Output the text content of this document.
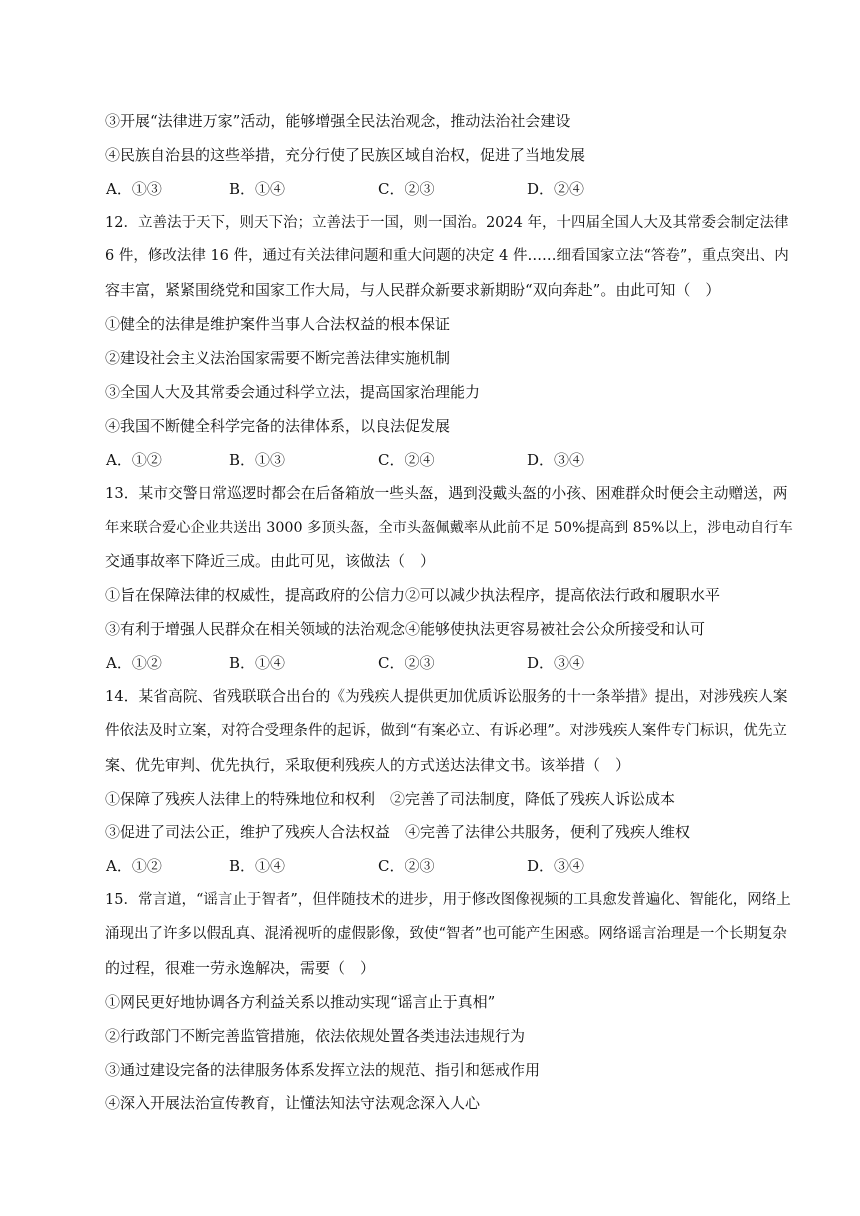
③开展“法律进万家”活动，能够增强全民法治观念，推动法治社会建设
④民族自治县的这些举措，充分行使了民族区域自治权，促进了当地发展
A．①③	B．①④	C．②③	D．②④
12．立善法于天下，则天下治；立善法于一国，则一国治。2024 年，十四届全国人大及其常委会制定法律
6 件，修改法律 16 件，通过有关法律问题和重大问题的决定 4 件……细看国家立法“答卷”，重点突出、内
容丰富，紧紧围绕党和国家工作大局，与人民群众新要求新期盼“双向奔赴”。由此可知（　）
①健全的法律是维护案件当事人合法权益的根本保证
②建设社会主义法治国家需要不断完善法律实施机制
③全国人大及其常委会通过科学立法，提高国家治理能力
④我国不断健全科学完备的法律体系，以良法促发展
A．①②	B．①③	C．②④	D．③④
13．某市交警日常巡逻时都会在后备箱放一些头盔，遇到没戴头盔的小孩、困难群众时便会主动赠送，两
年来联合爱心企业共送出 3000 多顶头盔，全市头盔佩戴率从此前不足 50%提高到 85%以上，涉电动自行车
交通事故率下降近三成。由此可见，该做法（　）
①旨在保障法律的权威性，提高政府的公信力②可以减少执法程序，提高依法行政和履职水平
③有利于增强人民群众在相关领域的法治观念④能够使执法更容易被社会公众所接受和认可
A．①②	B．①④	C．②③	D．③④
14．某省高院、省残联联合出台的《为残疾人提供更加优质诉讼服务的十一条举措》提出，对涉残疾人案
件依法及时立案，对符合受理条件的起诉，做到“有案必立、有诉必理”。对涉残疾人案件专门标识，优先立
案、优先审判、优先执行，采取便利残疾人的方式送达法律文书。该举措（　）
①保障了残疾人法律上的特殊地位和权利　②完善了司法制度，降低了残疾人诉讼成本
③促进了司法公正，维护了残疾人合法权益　④完善了法律公共服务，便利了残疾人维权
A．①②	B．①④	C．②③	D．③④
15．常言道，“谣言止于智者”，但伴随技术的进步，用于修改图像视频的工具愈发普遍化、智能化，网络上
涌现出了许多以假乱真、混淆视听的虚假影像，致使“智者”也可能产生困惑。网络谣言治理是一个长期复杂
的过程，很难一劳永逸解决，需要（　）
①网民更好地协调各方利益关系以推动实现“谣言止于真相”
②行政部门不断完善监管措施，依法依规处置各类违法违规行为
③通过建设完备的法律服务体系发挥立法的规范、指引和惩戒作用
④深入开展法治宣传教育，让懂法知法守法观念深入人心
